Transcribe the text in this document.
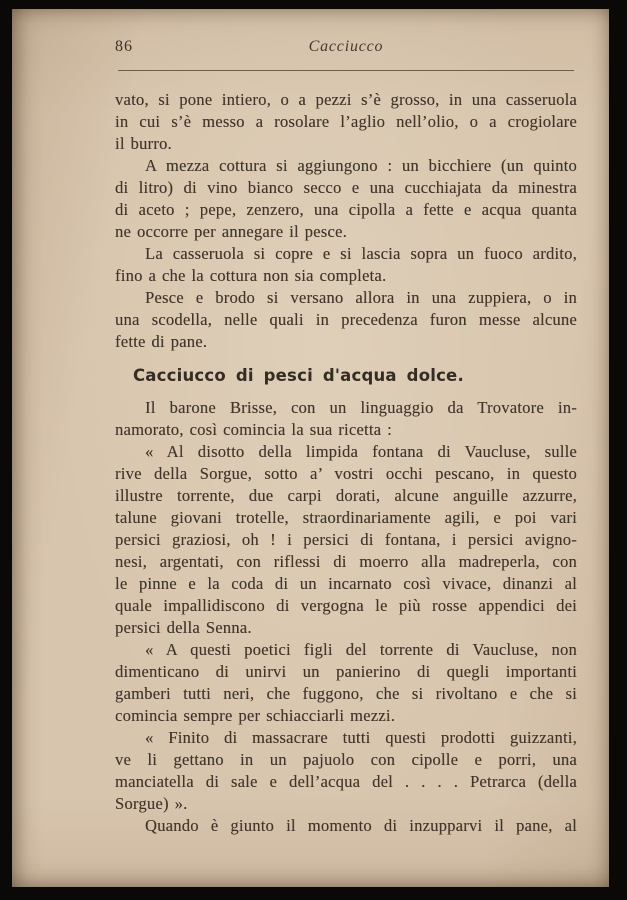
86	Cacciucco
vato, si pone intiero, o a pezzi s’è grosso, in una casseruola
in cui s’è messo a rosolare l’aglio nell’olio, o a crogiolare
il burro.
A mezza cottura si aggiungono : un bicchiere (un quinto
di litro) di vino bianco secco e una cucchiajata da minestra
di aceto ; pepe, zenzero, una cipolla a fette e acqua quanta
ne occorre per annegare il pesce.
La casseruola si copre e si lascia sopra un fuoco ardito,
fino a che la cottura non sia completa.
Pesce e brodo si versano allora in una zuppiera, o in
una scodella, nelle quali in precedenza furon messe alcune
fette di pane.
Cacciucco di pesci d'acqua dolce.
Il barone Brisse, con un linguaggio da Trovatore in-
namorato, così comincia la sua ricetta :
« Al disotto della limpida fontana di Vaucluse, sulle
rive della Sorgue, sotto a’ vostri occhi pescano, in questo
illustre torrente, due carpi dorati, alcune anguille azzurre,
talune giovani trotelle, straordinariamente agili, e poi vari
persici graziosi, oh ! i persici di fontana, i persici avigno-
nesi, argentati, con riflessi di moerro alla madreperla, con
le pinne e la coda di un incarnato così vivace, dinanzi al
quale impallidiscono di vergogna le più rosse appendici dei
persici della Senna.
« A questi poetici figli del torrente di Vaucluse, non
dimenticano di unirvi un panierino di quegli importanti
gamberi tutti neri, che fuggono, che si rivoltano e che si
comincia sempre per schiacciarli mezzi.
« Finito di massacrare tutti questi prodotti guizzanti,
ve li gettano in un pajuolo con cipolle e porri, una
manciatella di sale e dell’acqua del . . . . Petrarca (della
Sorgue) ».
Quando è giunto il momento di inzupparvi il pane, al
